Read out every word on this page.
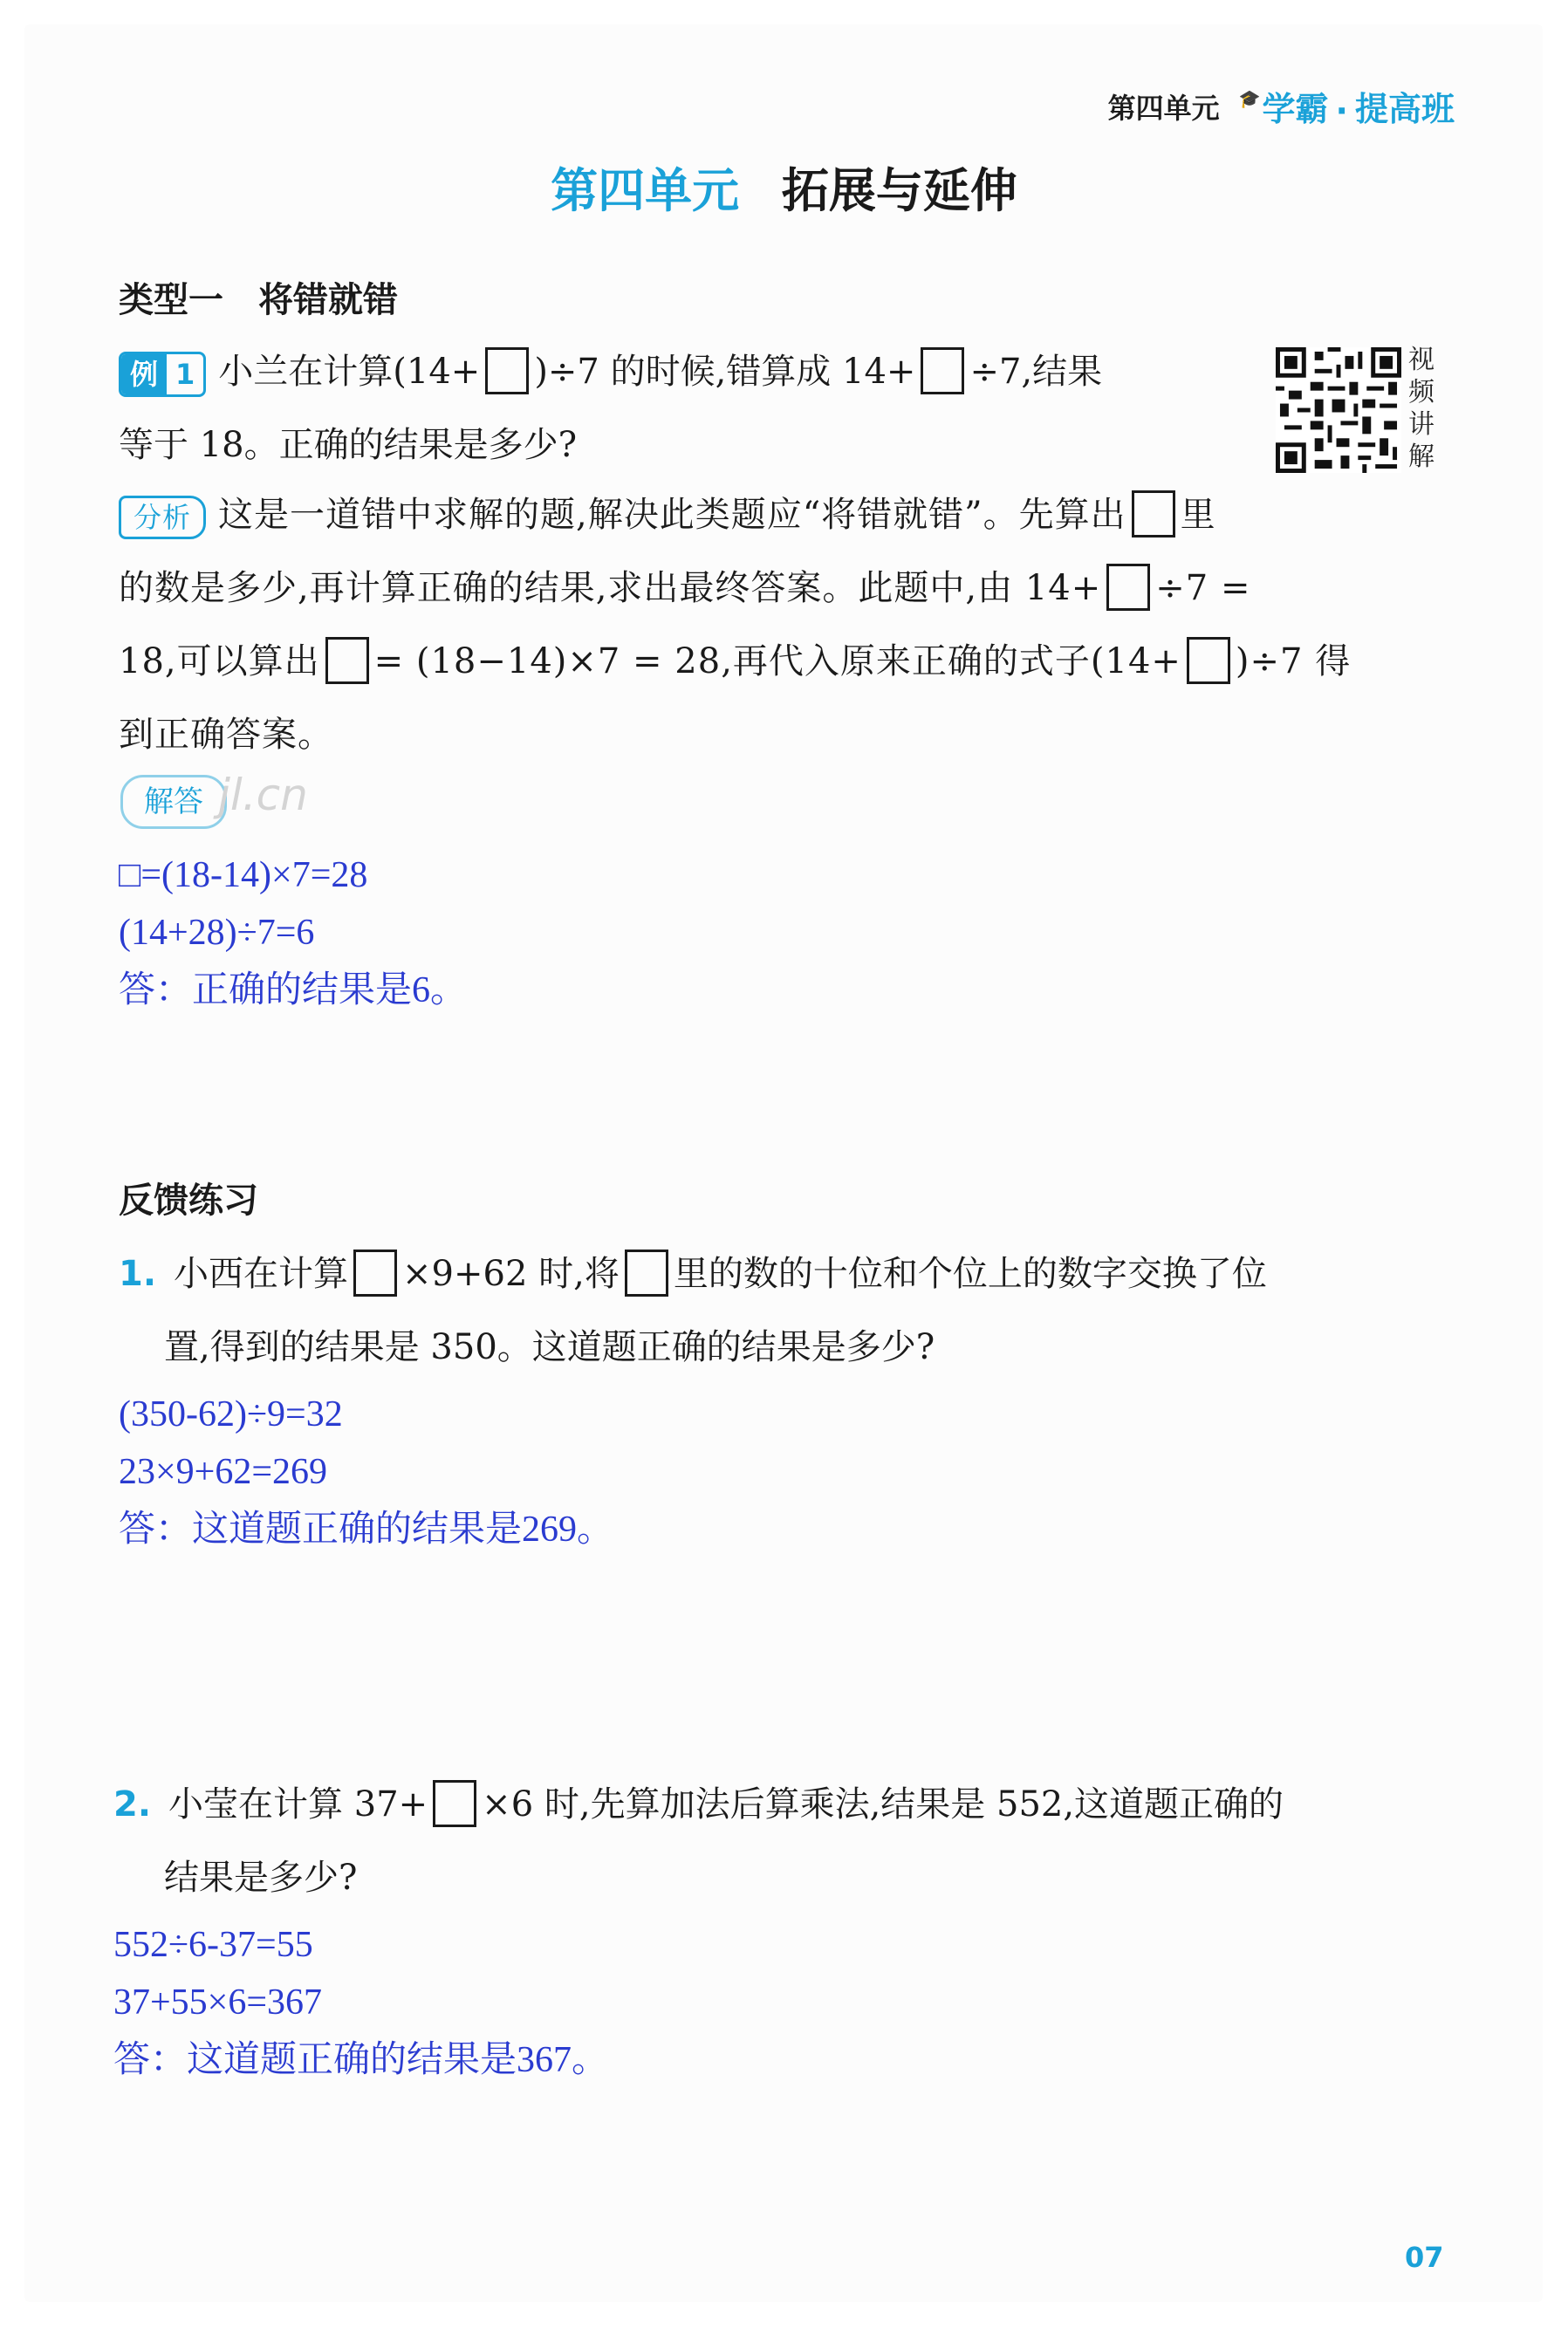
第四单元 🎓 学霸 · 提高班
第四单元 拓展与延伸
类型一　将错就错
例 1 小兰在计算(14+ )÷7 的时候,错算成 14+ ÷7,结果
等于 18。正确的结果是多少?
视
频
讲
解
分析 这是一道错中求解的题,解决此类题应“将错就错”。先算出 里
的数是多少,再计算正确的结果,求出最终答案。此题中,由 14+ ÷7 =
18,可以算出 = (18−14)×7 = 28,再代入原来正确的式子(14+ )÷7 得
到正确答案。
解答 jl.cn
□=(18-14)×7=28
(14+28)÷7=6
答：正确的结果是6。
反馈练习
1. 小西在计算 ×9+62 时,将 里的数的十位和个位上的数字交换了位
置,得到的结果是 350。这道题正确的结果是多少?
(350-62)÷9=32
23×9+62=269
答：这道题正确的结果是269。
2. 小莹在计算 37+ ×6 时,先算加法后算乘法,结果是 552,这道题正确的
结果是多少?
552÷6-37=55
37+55×6=367
答：这道题正确的结果是367。
07
